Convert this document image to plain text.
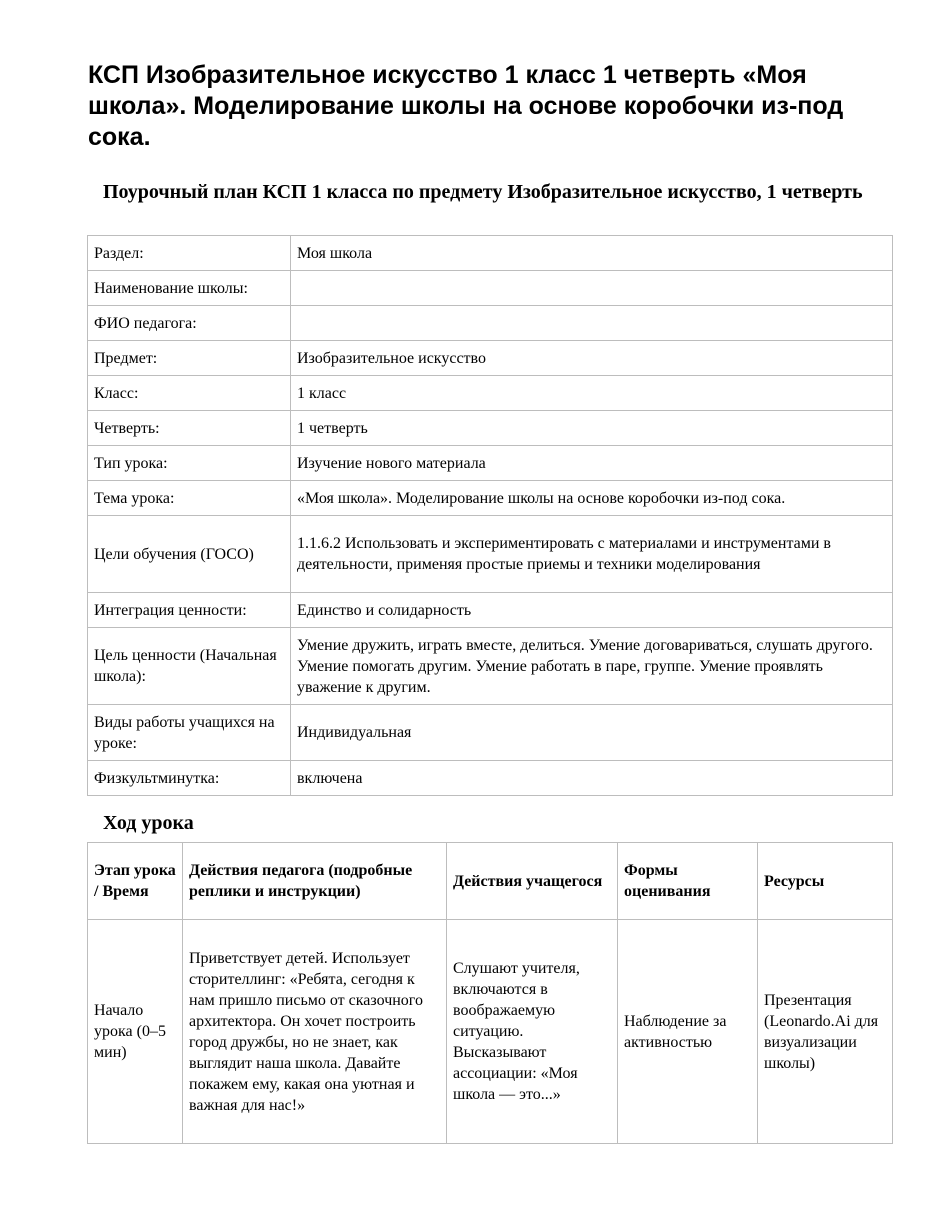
КСП Изобразительное искусство 1 класс 1 четверть «Моя школа». Моделирование школы на основе коробочки из-под сока.
Поурочный план КСП 1 класса по предмету Изобразительное искусство, 1 четверть
Раздел:	Моя школа
Наименование школы:	
ФИО педагога:	
Предмет:	Изобразительное искусство
Класс:	1 класс
Четверть:	1 четверть
Тип урока:	Изучение нового материала
Тема урока:	«Моя школа». Моделирование школы на основе коробочки из-под сока.
Цели обучения (ГОСО)	1.1.6.2 Использовать и экспериментировать с материалами и инструментами в деятельности, применяя простые приемы и техники моделирования
Интеграция ценности:	Единство и солидарность
Цель ценности (Начальная школа):	Умение дружить, играть вместе, делиться. Умение договариваться, слушать другого. Умение помогать другим. Умение работать в паре, группе. Умение проявлять уважение к другим.
Виды работы учащихся на уроке:	Индивидуальная
Физкультминутка:	включена
Ход урока
Этап урока / Время	Действия педагога (подробные реплики и инструкции)	Действия учащегося	Формы оценивания	Ресурсы
Начало урока (0–5 мин)	Приветствует детей. Использует сторителлинг: «Ребята, сегодня к нам пришло письмо от сказочного архитектора. Он хочет построить город дружбы, но не знает, как выглядит наша школа. Давайте покажем ему, какая она уютная и важная для нас!»	Слушают учителя, включаются в воображаемую ситуацию. Высказывают ассоциации: «Моя школа — это...»	Наблюдение за активностью	Презентация (Leonardo.Ai для визуализации школы)
